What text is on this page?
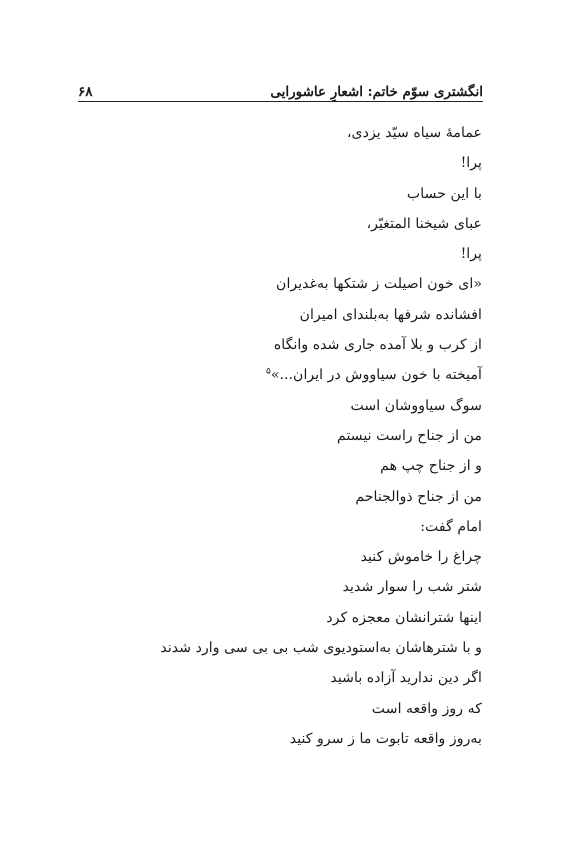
انگشتری سوّم خاتم: اشعارِ عاشورایی
۶۸
عمامهٔ سیاه سیّد یزدی،
پرا!
با این حساب
عبای شیخنا المتغیّر،
پرا!
«ای خون اصیلت ز شتکها به‌غدیران
افشانده شرفها به‌بلندای امیران
از کرب و بلا آمده جاری شده وانگاه
آمیخته با خون سیاووش در ایران...»$^۵$
سوگ سیاووشان است
من از جناح راست نیستم
و از جناح چپ هم
من از جناح ذوالجناحم
امام گفت:
چراغ را خاموش کنید
شتر شب را سوار شدید
اینها شترانشان معجزه کرد
و با شترهاشان به‌استودیوی شب بی بی سی وارد شدند
اگر دین ندارید آزاده باشید
که روز واقعه است
به‌روز واقعه تابوت ما ز سرو کنید
